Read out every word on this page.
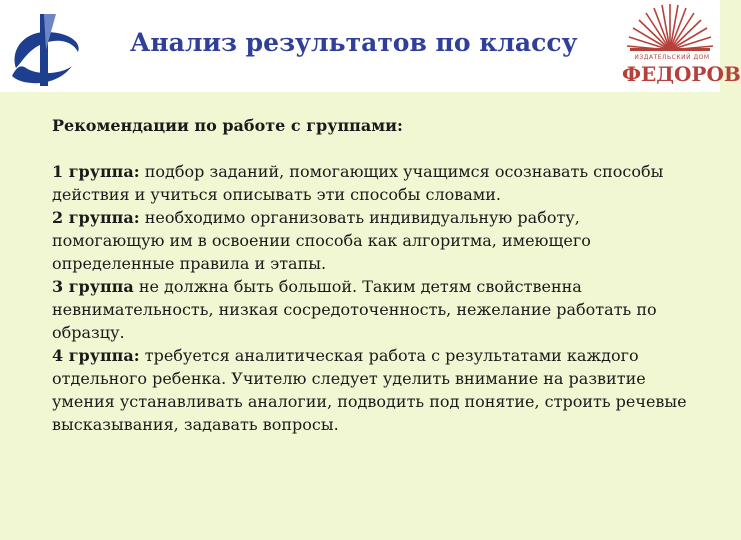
Анализ результатов по классу
ИЗДАТЕЛЬСКИЙ ДОМ
ФЕДОРОВ

Рекомендации по работе с группами:

1 группа: подбор заданий, помогающих учащимся осознавать способы действия и учиться описывать эти способы словами.

2 группа: необходимо организовать индивидуальную работу, помогающую им в освоении способа как алгоритма, имеющего определенные правила и этапы.

3 группа не должна быть большой. Таким детям свойственна невнимательность, низкая сосредоточенность, нежелание работать по образцу.

4 группа: требуется аналитическая работа с результатами каждого отдельного ребенка. Учителю следует уделить внимание на развитие умения устанавливать аналогии, подводить под понятие, строить речевые высказывания, задавать вопросы.
